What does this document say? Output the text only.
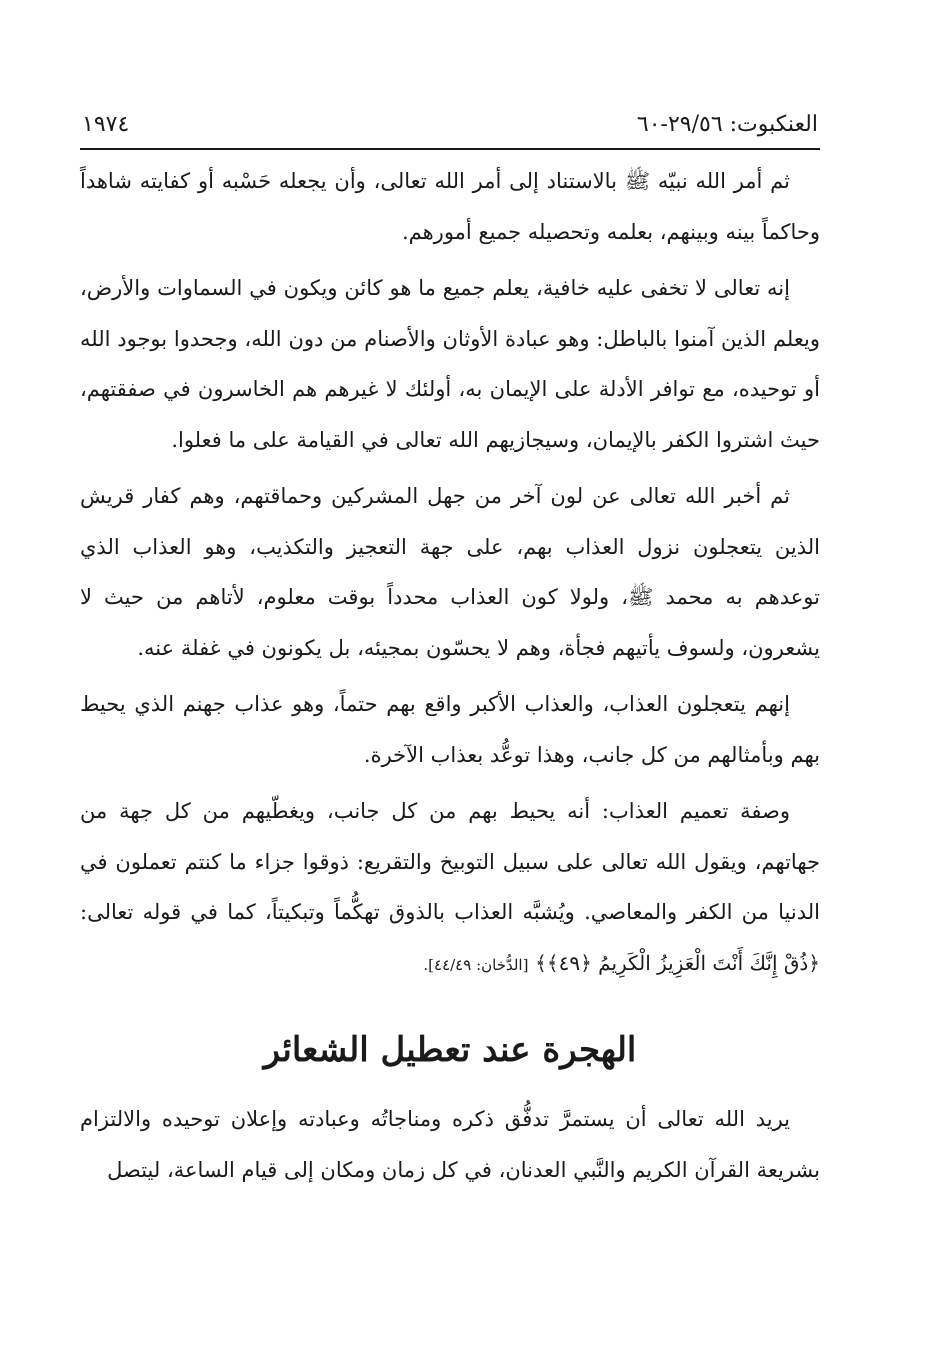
العنكبوت: ٢٩/٥٦-٦٠
١٩٧٤

ثم أمر الله نبيّه ﷺ بالاستناد إلى أمر الله تعالى، وأن يجعله حَسْبه أو كفايته شاهداً وحاكماً بينه وبينهم، بعلمه وتحصيله جميع أمورهم.

إنه تعالى لا تخفى عليه خافية، يعلم جميع ما هو كائن ويكون في السماوات والأرض، ويعلم الذين آمنوا بالباطل: وهو عبادة الأوثان والأصنام من دون الله، وجحدوا بوجود الله أو توحيده، مع توافر الأدلة على الإيمان به، أولئك لا غيرهم هم الخاسرون في صفقتهم، حيث اشتروا الكفر بالإيمان، وسيجازيهم الله تعالى في القيامة على ما فعلوا.

ثم أخبر الله تعالى عن لون آخر من جهل المشركين وحماقتهم، وهم كفار قريش الذين يتعجلون نزول العذاب بهم، على جهة التعجيز والتكذيب، وهو العذاب الذي توعدهم به محمد ﷺ، ولولا كون العذاب محدداً بوقت معلوم، لأتاهم من حيث لا يشعرون، ولسوف يأتيهم فجأة، وهم لا يحسّون بمجيئه، بل يكونون في غفلة عنه.

إنهم يتعجلون العذاب، والعذاب الأكبر واقع بهم حتماً، وهو عذاب جهنم الذي يحيط بهم وبأمثالهم من كل جانب، وهذا توعُّد بعذاب الآخرة.

وصفة تعميم العذاب: أنه يحيط بهم من كل جانب، ويغطّيهم من كل جهة من جهاتهم، ويقول الله تعالى على سبيل التوبيخ والتقريع: ذوقوا جزاء ما كنتم تعملون في الدنيا من الكفر والمعاصي. ويُشبَّه العذاب بالذوق تهكُّماً وتبكيتاً، كما في قوله تعالى: ﴿ذُقْ إِنَّكَ أَنْتَ الْعَزِيزُ الْكَرِيمُ ﴿٤٩﴾﴾ [الدُّخان: ٤٤/٤٩].

الهجرة عند تعطيل الشعائر

يريد الله تعالى أن يستمرَّ تدفُّق ذكره ومناجاتُه وعبادته وإعلان توحيده والالتزام بشريعة القرآن الكريم والنَّبي العدنان، في كل زمان ومكان إلى قيام الساعة، ليتصل
